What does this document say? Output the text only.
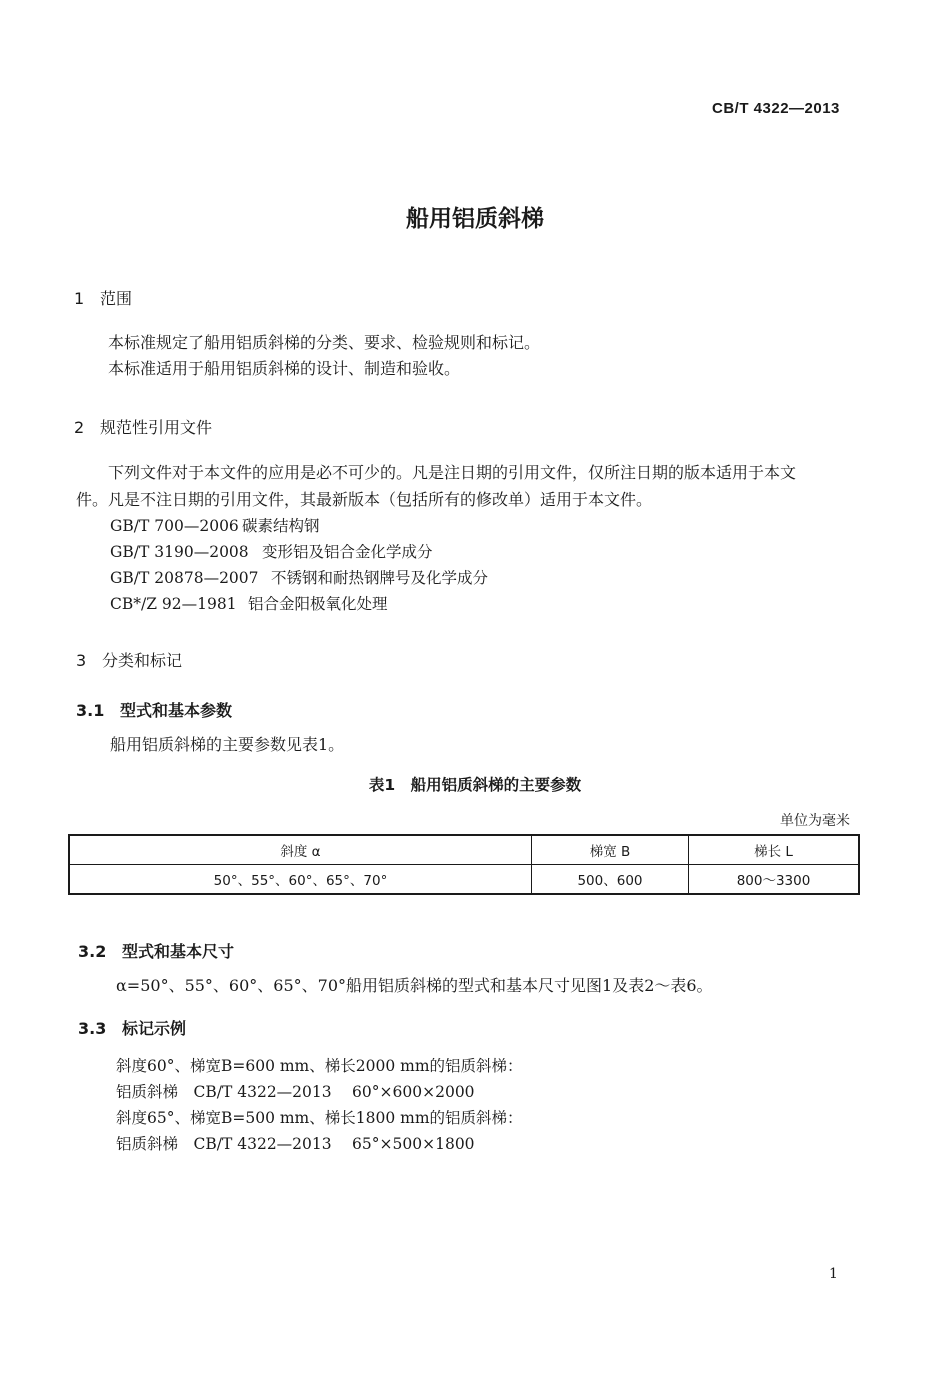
CB/T 4322—2013
船用铝质斜梯
1 范围
本标准规定了船用铝质斜梯的分类、要求、检验规则和标记。
本标准适用于船用铝质斜梯的设计、制造和验收。
2 规范性引用文件
下列文件对于本文件的应用是必不可少的。凡是注日期的引用文件，仅所注日期的版本适用于本文
件。凡是不注日期的引用文件，其最新版本（包括所有的修改单）适用于本文件。
GB/T 700—2006 碳素结构钢
GB/T 3190—2008 变形铝及铝合金化学成分
GB/T 20878—2007 不锈钢和耐热钢牌号及化学成分
CB*/Z 92—1981 铝合金阳极氧化处理
3 分类和标记
3.1 型式和基本参数
船用铝质斜梯的主要参数见表1。
表1　船用铝质斜梯的主要参数
单位为毫米
斜度 α	梯宽 B	梯长 L
50°、55°、60°、65°、70°	500、600	800～3300
3.2 型式和基本尺寸
α=50°、55°、60°、65°、70°船用铝质斜梯的型式和基本尺寸见图1及表2～表6。
3.3 标记示例
斜度60°、梯宽B=600 mm、梯长2000 mm的铝质斜梯：
铝质斜梯　CB/T 4322—2013　 60°×600×2000
斜度65°、梯宽B=500 mm、梯长1800 mm的铝质斜梯：
铝质斜梯　CB/T 4322—2013　 65°×500×1800
1
